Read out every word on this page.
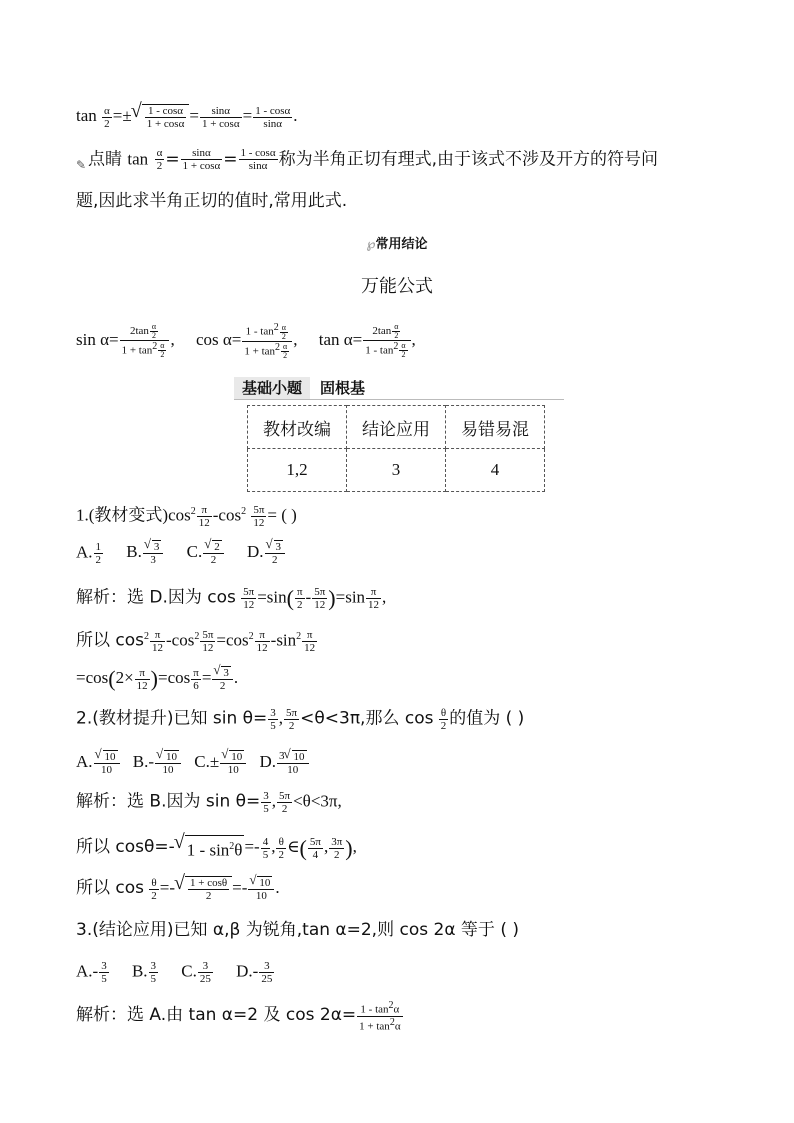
$\tan \frac{\alpha}{2}$ =± √ $\frac{1 - \cos\alpha}{1 + \cos\alpha} = \frac{\sin\alpha}{1 + \cos\alpha} = \frac{1 - \cos\alpha}{\sin\alpha}$ .
✎ 点睛 $\tan \frac{\alpha}{2} = \frac{\sin\alpha}{1 + \cos\alpha} = \frac{1 - \cos\alpha}{\sin\alpha}$ 称为半角正切有理式,由于该式不涉及开方的符号问
题,因此求半角正切的值时,常用此式.
℘常用结论
万能公式
$\sin \alpha= \frac{2\tan \frac{\alpha}{2}}{1 + \tan 2 \frac{\alpha}{2}}$ , $\cos \alpha= \frac{1 - \tan 2 \frac{\alpha}{2}}{1 + \tan 2 \frac{\alpha}{2}}$ , $\tan \alpha= \frac{2\tan \frac{\alpha}{2}}{1 - \tan 2 \frac{\alpha}{2}}$ ,
基础小题 固根基
教材改编	结论应用	易错易混
1,2	3	4
1.(教材变式)$\cos^2 \frac{\pi}{12} -\cos^2 \frac{5\pi}{12}$ = ( )
A. $\frac{1}{2} B$. √ $\frac{3}{3} C$. √ $\frac{2}{2} D$. √ $\frac{3}{2}$
解析：选 D.因为 $\cos \frac{5\pi}{12} =\sin( \frac{\pi}{2} - \frac{5\pi}{12} )=\sin \frac{\pi}{12}$ ,
所以 $\cos^2 \frac{\pi}{12} -\cos^2 \frac{5\pi}{12} =\cos^2 \frac{\pi}{12} -\sin^2 \frac{\pi}{12}$
$=\cos(2\times \frac{\pi}{12} )=\cos \frac{\pi}{6}$ = √ $\frac{3}{2}$ .
2.(教材提升)已知 $\sin \theta= \frac{3}{5}$ , $\frac{5\pi}{2} <\theta<3\pi$,那么 $\cos \frac{\theta}{2}$ 的值为 ( )
A. √ $\frac{10}{10} B.-$ √ $\frac{10}{10} C.\pm$ √ $\frac{10}{10} D$. $\frac{3 √ 10}{10}$
解析：选 B.因为 $\sin \theta= \frac{3}{5}$ , $\frac{5\pi}{2} <\theta<3\pi$,
所以 cosθ=- √ $1 - \sin^2\theta =- \frac{4}{5}$ , $\frac{\theta}{2}$ ∈( $\frac{5\pi}{4}$ , $\frac{3\pi}{2}$ ),
所以 $\cos \frac{\theta}{2}$ =- √ $\frac{1 + \cos\theta}{2}$ =- √ $\frac{10}{10}$ .
3.(结论应用)已知 α,β 为锐角,tan α=2,则 cos 2α 等于 ( )
$A.- \frac{3}{5} B$. $\frac{3}{5} C$. $\frac{3}{25} D.- \frac{3}{25}$
解析：选 A.由 tan α=2 及 $\cos 2\alpha= \frac{1 - \tan 2\alpha}{1 + \tan 2\alpha}$
